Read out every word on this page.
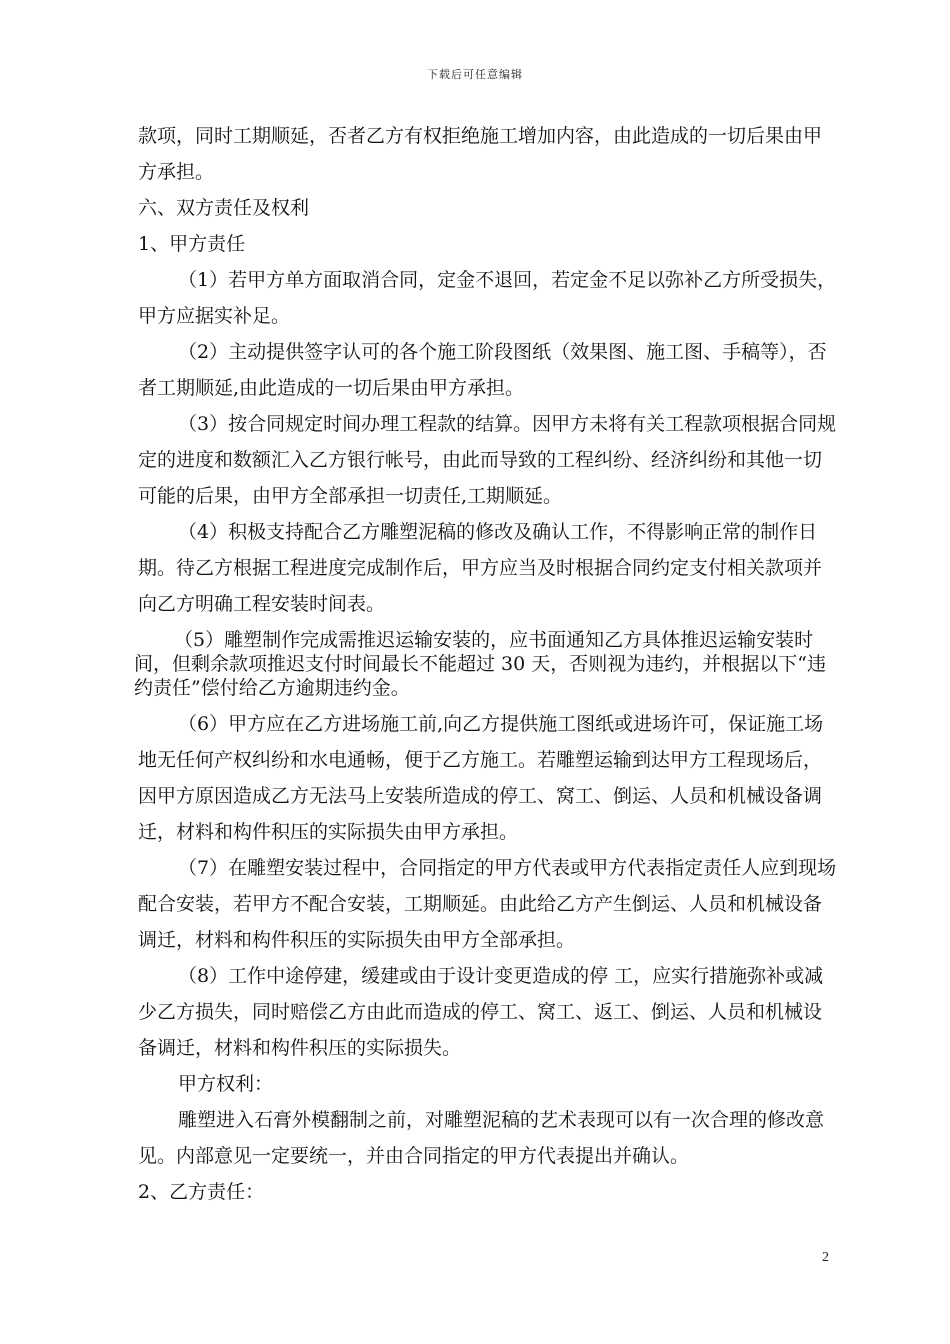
下载后可任意编辑

款项，同时工期顺延，否者乙方有权拒绝施工增加内容，由此造成的一切后果由甲方承担。

六、双方责任及权利

1、甲方责任

（1）若甲方单方面取消合同，定金不退回，若定金不足以弥补乙方所受损失，甲方应据实补足。

（2）主动提供签字认可的各个施工阶段图纸（效果图、施工图、手稿等），否者工期顺延,由此造成的一切后果由甲方承担。

（3）按合同规定时间办理工程款的结算。因甲方未将有关工程款项根据合同规定的进度和数额汇入乙方银行帐号，由此而导致的工程纠纷、经济纠纷和其他一切可能的后果，由甲方全部承担一切责任,工期顺延。

（4）积极支持配合乙方雕塑泥稿的修改及确认工作，不得影响正常的制作日期。待乙方根据工程进度完成制作后，甲方应当及时根据合同约定支付相关款项并向乙方明确工程安装时间表。

（5）雕塑制作完成需推迟运输安装的，应书面通知乙方具体推迟运输安装时间，但剩余款项推迟支付时间最长不能超过 30 天，否则视为违约，并根据以下“违约责任”偿付给乙方逾期违约金。

（6）甲方应在乙方进场施工前,向乙方提供施工图纸或进场许可，保证施工场地无任何产权纠纷和水电通畅，便于乙方施工。若雕塑运输到达甲方工程现场后，因甲方原因造成乙方无法马上安装所造成的停工、窝工、倒运、人员和机械设备调迁，材料和构件积压的实际损失由甲方承担。

（7）在雕塑安装过程中，合同指定的甲方代表或甲方代表指定责任人应到现场配合安装，若甲方不配合安装，工期顺延。由此给乙方产生倒运、人员和机械设备调迁，材料和构件积压的实际损失由甲方全部承担。

（8）工作中途停建，缓建或由于设计变更造成的停 工，应实行措施弥补或减少乙方损失，同时赔偿乙方由此而造成的停工、窝工、返工、倒运、人员和机械设备调迁，材料和构件积压的实际损失。

甲方权利：

雕塑进入石膏外模翻制之前，对雕塑泥稿的艺术表现可以有一次合理的修改意见。内部意见一定要统一，并由合同指定的甲方代表提出并确认。

2、乙方责任：

2
